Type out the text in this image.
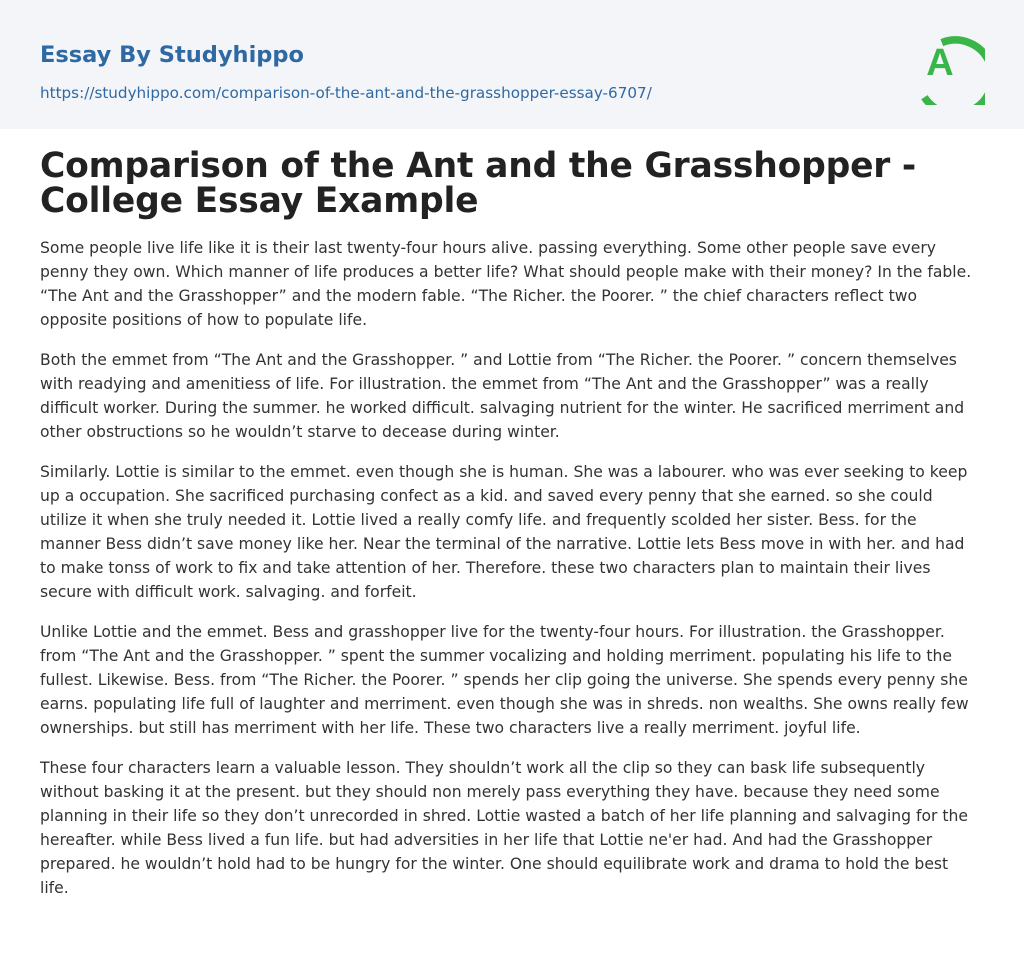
Essay By Studyhippo
https://studyhippo.com/comparison-of-the-ant-and-the-grasshopper-essay-6707/
A
Comparison of the Ant and the Grasshopper - College Essay Example

Some people live life like it is their last twenty-four hours alive. passing everything. Some other people save every penny they own. Which manner of life produces a better life? What should people make with their money? In the fable. “The Ant and the Grasshopper” and the modern fable. “The Richer. the Poorer. ” the chief characters reflect two opposite positions of how to populate life.

Both the emmet from “The Ant and the Grasshopper. ” and Lottie from “The Richer. the Poorer. ” concern themselves with readying and amenitiess of life. For illustration. the emmet from “The Ant and the Grasshopper” was a really difficult worker. During the summer. he worked difficult. salvaging nutrient for the winter. He sacrificed merriment and other obstructions so he wouldn’t starve to decease during winter.

Similarly. Lottie is similar to the emmet. even though she is human. She was a labourer. who was ever seeking to keep up a occupation. She sacrificed purchasing confect as a kid. and saved every penny that she earned. so she could utilize it when she truly needed it. Lottie lived a really comfy life. and frequently scolded her sister. Bess. for the manner Bess didn’t save money like her. Near the terminal of the narrative. Lottie lets Bess move in with her. and had to make tonss of work to fix and take attention of her. Therefore. these two characters plan to maintain their lives secure with difficult work. salvaging. and forfeit.

Unlike Lottie and the emmet. Bess and grasshopper live for the twenty-four hours. For illustration. the Grasshopper. from “The Ant and the Grasshopper. ” spent the summer vocalizing and holding merriment. populating his life to the fullest. Likewise. Bess. from “The Richer. the Poorer. ” spends her clip going the universe. She spends every penny she earns. populating life full of laughter and merriment. even though she was in shreds. non wealths. She owns really few ownerships. but still has merriment with her life. These two characters live a really merriment. joyful life.

These four characters learn a valuable lesson. They shouldn’t work all the clip so they can bask life subsequently without basking it at the present. but they should non merely pass everything they have. because they need some planning in their life so they don’t unrecorded in shred. Lottie wasted a batch of her life planning and salvaging for the hereafter. while Bess lived a fun life. but had adversities in her life that Lottie ne'er had. And had the Grasshopper prepared. he wouldn’t hold had to be hungry for the winter. One should equilibrate work and drama to hold the best life.
